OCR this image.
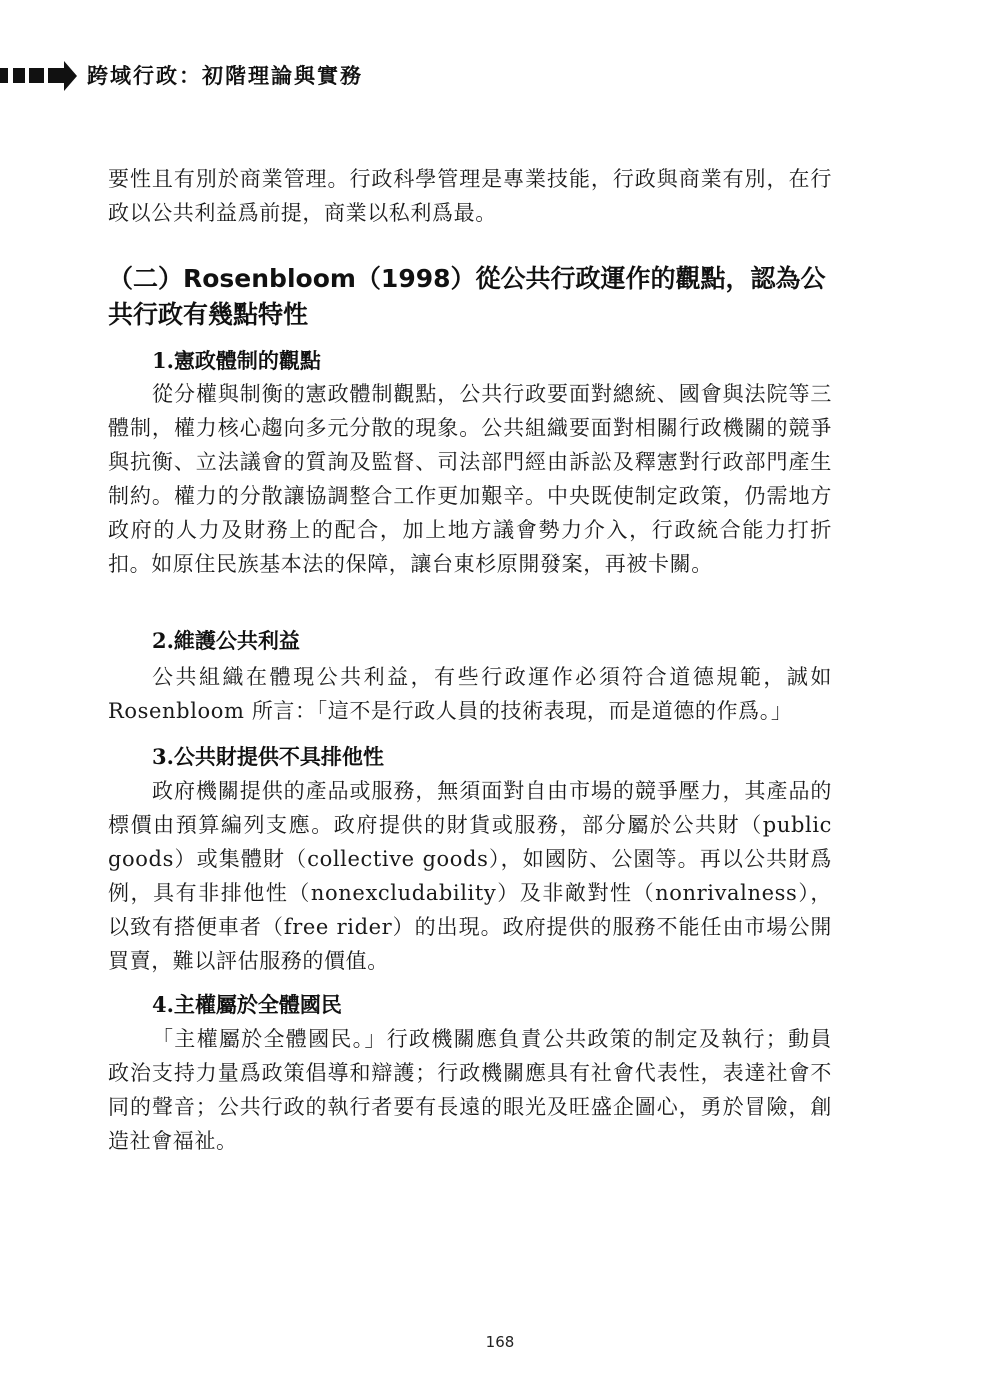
跨域行政：初階理論與實務

要性且有別於商業管理。行政科學管理是專業技能，行政與商業有別，在行政以公共利益爲前提，商業以私利爲最。

（二）Rosenbloom（1998）從公共行政運作的觀點，認為公共行政有幾點特性
1.憲政體制的觀點

從分權與制衡的憲政體制觀點，公共行政要面對總統、國會與法院等三體制，權力核心趨向多元分散的現象。公共組織要面對相關行政機關的競爭與抗衡、立法議會的質詢及監督、司法部門經由訴訟及釋憲對行政部門產生制約。權力的分散讓協調整合工作更加艱辛。中央既使制定政策，仍需地方政府的人力及財務上的配合，加上地方議會勢力介入，行政統合能力打折扣。如原住民族基本法的保障，讓台東杉原開發案，再被卡關。

2.維護公共利益

公共組織在體現公共利益，有些行政運作必須符合道德規範，誠如Rosenbloom 所言：「這不是行政人員的技術表現，而是道德的作爲。」

3.公共財提供不具排他性

政府機關提供的產品或服務，無須面對自由市場的競爭壓力，其產品的標價由預算編列支應。政府提供的財貨或服務，部分屬於公共財（public goods）或集體財（collective goods），如國防、公園等。再以公共財爲例，具有非排他性（nonexcludability）及非敵對性（nonrivalness），以致有搭便車者（free rider）的出現。政府提供的服務不能任由市場公開買賣，難以評估服務的價值。

4.主權屬於全體國民

「主權屬於全體國民。」行政機關應負責公共政策的制定及執行；動員政治支持力量爲政策倡導和辯護；行政機關應具有社會代表性，表達社會不同的聲音；公共行政的執行者要有長遠的眼光及旺盛企圖心，勇於冒險，創造社會福祉。

168
